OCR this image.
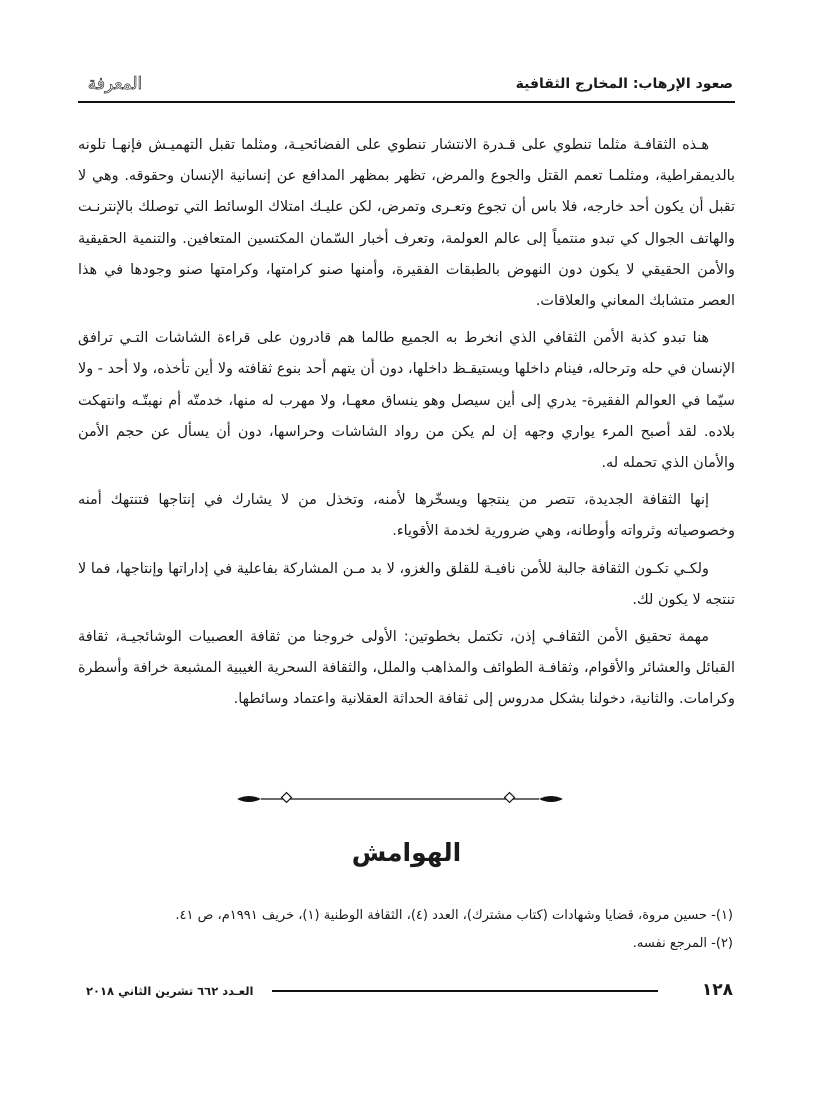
المعرفة	صعود الإرهاب: المخارج الثقافية

هـذه الثقافـة مثلما تنطوي على قـدرة الانتشار تنطوي على الفضائحيـة، ومثلما تقبل التهميـش فإنهـا تلونه بالديمقراطية، ومثلمـا تعمم القتل والجوع والمرض، تظهر بمظهر المدافع عن إنسانية الإنسان وحقوقه. وهي لا تقبل أن يكون أحد خارجه، فلا باس أن تجوع وتعـرى وتمرض، لكن عليـك امتلاك الوسائط التي توصلك بالإنترنـت والهاتف الجوال كي تبدو منتمياً إلى عالم العولمة، وتعرف أخبار السّمان المكتسين المتعافين. والتنمية الحقيقية والأمن الحقيقي لا يكون دون النهوض بالطبقات الفقيرة، وأمنها صنو كرامتها، وكرامتها صنو وجودها في هذا العصر متشابك المعاني والعلاقات.

هنا تبدو كذبة الأمن الثقافي الذي انخرط به الجميع طالما هم قادرون على قراءة الشاشات التـي ترافق الإنسان في حله وترحاله، فينام داخلها ويستيقـظ داخلها، دون أن يتهم أحد بنوع ثقافته ولا أين تأخذه، ولا أحد - ولا سيّما في العوالم الفقيرة- يدري إلى أين سيصل وهو ينساق معهـا، ولا مهرب له منها، خدمتّه أم نهبتّـه وانتهكت بلاده. لقد أصبح المرء يواري وجهه إن لم يكن من رواد الشاشات وحراسها، دون أن يسأل عن حجم الأمن والأمان الذي تحمله له.

إنها الثقافة الجديدة، تتصر من ينتجها ويسخّرها لأمنه، وتخذل من لا يشارك في إنتاجها فتنتهك أمنه وخصوصياته وثرواته وأوطانه، وهي ضرورية لخدمة الأقوياء.

ولكـي تكـون الثقافة جالبة للأمن نافيـة للقلق والغزو، لا بد مـن المشاركة بفاعلية في إداراتها وإنتاجها، فما لا تنتجه لا يكون لك.

مهمة تحقيق الأمن الثقافـي إذن، تكتمل بخطوتين: الأولى خروجنا من ثقافة العصبيات الوشائجيـة، ثقافة القبائل والعشائر والأقوام، وثقافـة الطوائف والمذاهب والملل، والثقافة السحرية الغيبية المشبعة خرافة وأسطرة وكرامات. والثانية، دخولنا بشكل مدروس إلى ثقافة الحداثة العقلانية واعتماد وسائطها.

الهوامش
(١)- حسين مروة، قضايا وشهادات (كتاب مشترك)، العدد (٤)، الثقافة الوطنية (١)، خريف ١٩٩١م، ص ٤١.
(٢)- المرجع نفسه.
١٢٨
العـدد ٦٦٢ تشرين الثاني ٢٠١٨
